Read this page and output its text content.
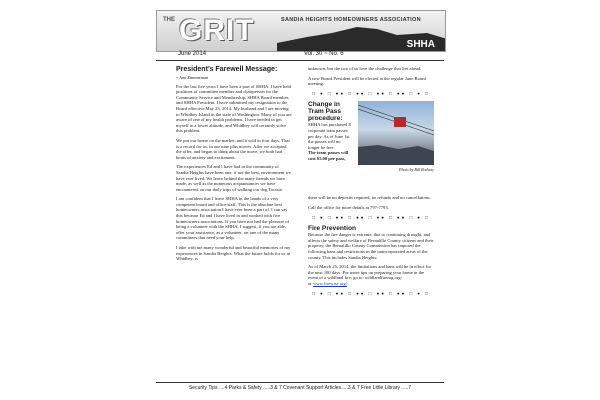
THE GRIT	SANDIA HEIGHTS HOMEOWNERS ASSOCIATION
SHHA
June 2014	Vol. 30 ~ No. 6
President’s Farewell Message:
~ Ann Zimmerman

For the last five years I have been a part of SHHA. I have held positions of committee member and chairperson for the Community Service and Membership, SHHA Board member, and SHHA President. I have submitted my resignation to the Board effective May 23, 2014. My husband and I are moving to Whidbey Island in the state of Washington. Many of you are aware of one of my health problems. I have needed to get myself to a lower altitude, and Whidbey will certainly solve this problem.

We put our house on the market, and it sold in four days. That is a record for us, in our nine plus moves. After we accepted the offer, and began to think about the move, we both had bouts of anxiety and excitement.

The experiences Ed and I have had in the community of Sandia Heights have been one, if not the best, environment we have ever lived. We leave behind the many friends we have made, as well as the numerous acquaintances we have encountered on our daily trips of walking our dog Tootsie.

I am confident that I leave SHHA in the hands of a very competent board and office staff. This is the absolute best homeowners association I have ever been a part of. I can say this because Ed and I have lived in and worked with five homeowners associations. If you have not had the pleasure of being a volunteer with the SHHA, I suggest, if you are able, offer your assistance, as a volunteer, on one of the many committees that need your help.

I take with me many wonderful and beautiful memories of my experiences in Sandia Heights. What the future holds for us in Whidbey, is

unknown, but the two of us love the challenge that lies ahead.

A new Board President will be elected at the regular June Board meeting.

□ ● □ ●● □ ●● □ ●● □ ●● □ ● □
Change in Tram Pass procedure:
SHHA has purchased 8 corporate tram passes per day. As of June 1st the passes will no longer be free.
The tram passes will cost $5.00 per pass,
Photo by Bill Rodway

there will be no deposits required, no refunds and no cancellations.

Call the office for more details at 797-7793.

□ ● □ ●● □ ●● □ ●● □ ●● □ ● □
Fire Prevention

Because the fire danger is extreme, due to continuing drought, and affects the safety and welfare of Bernalillo County citizens and their property, the Bernalillo County Commission has imposed the following bans and restrictions in the unincorporated areas of the county. This includes Sandia Heights:

As of March 25, 2014, the limitations and bans will be in effect for the next 180 days. For more tips on preparing your home in the event of a wildland fire, go to: wildlandfirenrg.org/
or www.firewise.org/

□ ● □ ●● □ ●● □ ●● □ ●● □ ● □
Security Tips ....4 Parks & Safety .....3 & 7 Covenant Support Articles.....3 & 7 Free Little Library .....7
